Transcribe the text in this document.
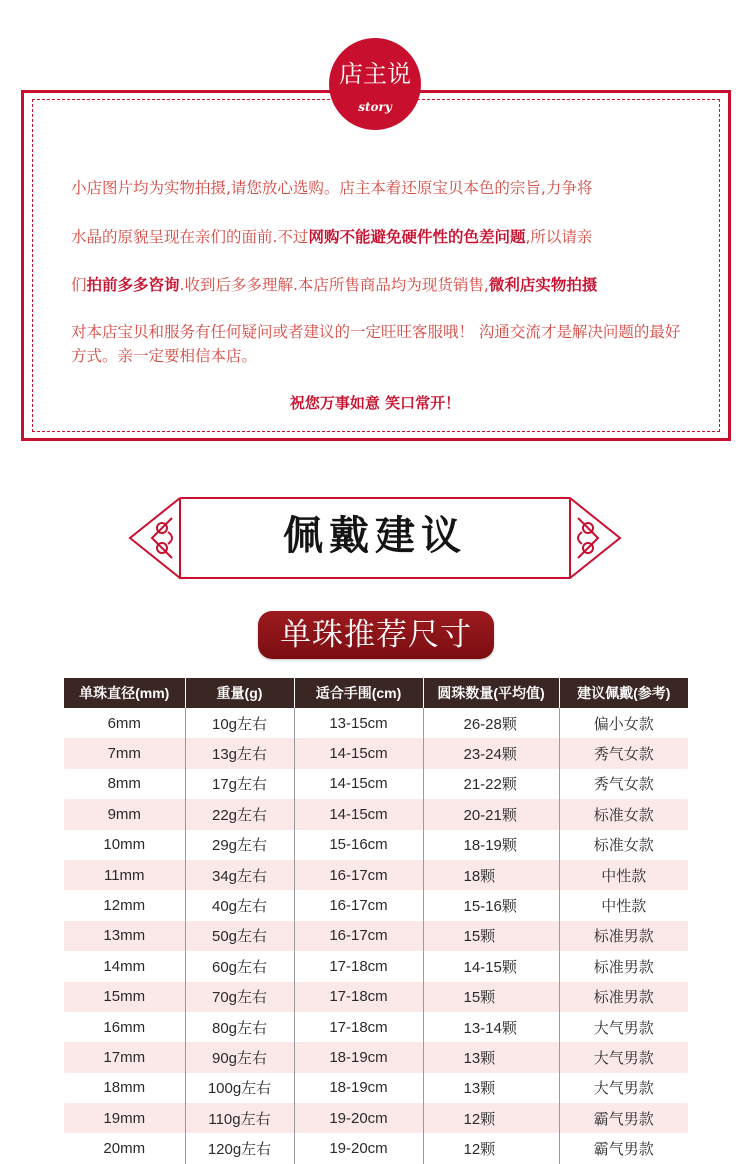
店主说
story
小店图片均为实物拍摄,请您放心选购。店主本着还原宝贝本色的宗旨,力争将
水晶的原貌呈现在亲们的面前.不过网购不能避免硬件性的色差问题,所以请亲
们拍前多多咨询.收到后多多理解.本店所售商品均为现货销售,微利店实物拍摄
对本店宝贝和服务有任何疑问或者建议的一定旺旺客服哦！ 沟通交流才是解决问题的最好方式。亲一定要相信本店。
祝您万事如意 笑口常开！
佩戴建议
单珠推荐尺寸
单珠直径(mm)	重量(g)	适合手围(cm)	圆珠数量(平均值)	建议佩戴(参考)
6mm	10g左右	13-15cm	26-28颗	偏小女款
7mm	13g左右	14-15cm	23-24颗	秀气女款
8mm	17g左右	14-15cm	21-22颗	秀气女款
9mm	22g左右	14-15cm	20-21颗	标准女款
10mm	29g左右	15-16cm	18-19颗	标准女款
11mm	34g左右	16-17cm	18颗	中性款
12mm	40g左右	16-17cm	15-16颗	中性款
13mm	50g左右	16-17cm	15颗	标准男款
14mm	60g左右	17-18cm	14-15颗	标准男款
15mm	70g左右	17-18cm	15颗	标准男款
16mm	80g左右	17-18cm	13-14颗	大气男款
17mm	90g左右	18-19cm	13颗	大气男款
18mm	100g左右	18-19cm	13颗	大气男款
19mm	110g左右	19-20cm	12颗	霸气男款
20mm	120g左右	19-20cm	12颗	霸气男款
